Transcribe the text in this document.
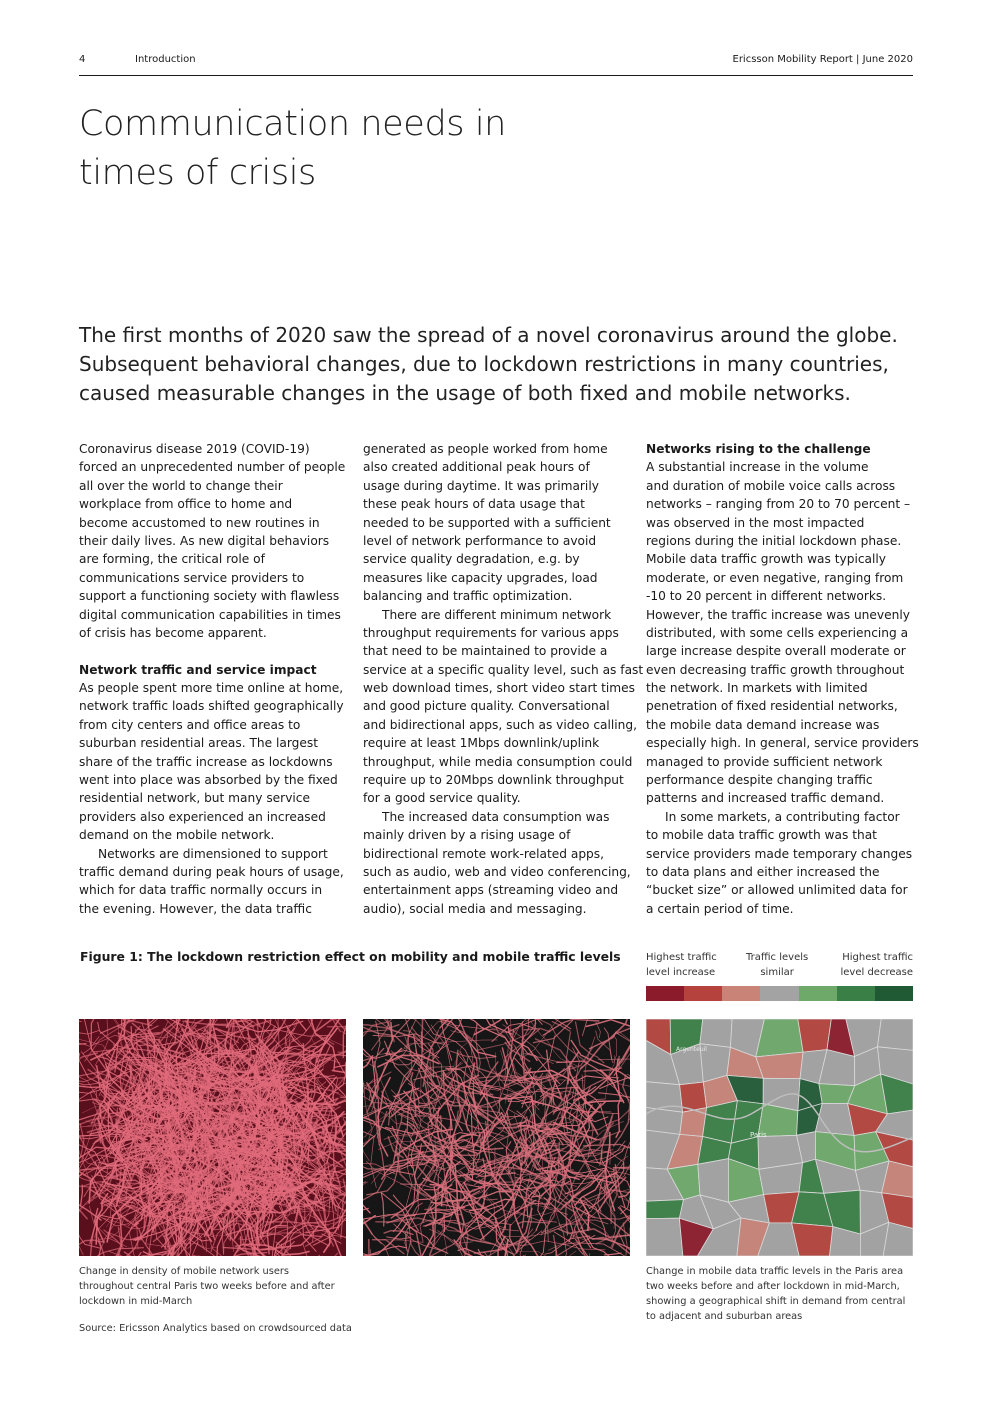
4	Introduction	Ericsson Mobility Report | June 2020
Communication needs in
times of crisis
The first months of 2020 saw the spread of a novel coronavirus around the globe.
Subsequent behavioral changes, due to lockdown restrictions in many countries,
caused measurable changes in the usage of both fixed and mobile networks.
Coronavirus disease 2019 (COVID-19)
forced an unprecedented number of people
all over the world to change their
workplace from office to home and
become accustomed to new routines in
their daily lives. As new digital behaviors
are forming, the critical role of
communications service providers to
support a functioning society with flawless
digital communication capabilities in times
of crisis has become apparent.
Network traffic and service impact
As people spent more time online at home,
network traffic loads shifted geographically
from city centers and office areas to
suburban residential areas. The largest
share of the traffic increase as lockdowns
went into place was absorbed by the fixed
residential network, but many service
providers also experienced an increased
demand on the mobile network.
Networks are dimensioned to support
traffic demand during peak hours of usage,
which for data traffic normally occurs in
the evening. However, the data traffic
generated as people worked from home
also created additional peak hours of
usage during daytime. It was primarily
these peak hours of data usage that
needed to be supported with a sufficient
level of network performance to avoid
service quality degradation, e.g. by
measures like capacity upgrades, load
balancing and traffic optimization.
There are different minimum network
throughput requirements for various apps
that need to be maintained to provide a
service at a specific quality level, such as fast
web download times, short video start times
and good picture quality. Conversational
and bidirectional apps, such as video calling,
require at least 1Mbps downlink/uplink
throughput, while media consumption could
require up to 20Mbps downlink throughput
for a good service quality.
The increased data consumption was
mainly driven by a rising usage of
bidirectional remote work-related apps,
such as audio, web and video conferencing,
entertainment apps (streaming video and
audio), social media and messaging.
Networks rising to the challenge
A substantial increase in the volume
and duration of mobile voice calls across
networks – ranging from 20 to 70 percent –
was observed in the most impacted
regions during the initial lockdown phase.
Mobile data traffic growth was typically
moderate, or even negative, ranging from
-10 to 20 percent in different networks.
However, the traffic increase was unevenly
distributed, with some cells experiencing a
large increase despite overall moderate or
even decreasing traffic growth throughout
the network. In markets with limited
penetration of fixed residential networks,
the mobile data demand increase was
especially high. In general, service providers
managed to provide sufficient network
performance despite changing traffic
patterns and increased traffic demand.
In some markets, a contributing factor
to mobile data traffic growth was that
service providers made temporary changes
to data plans and either increased the
“bucket size” or allowed unlimited data for
a certain period of time.
Figure 1: The lockdown restriction effect on mobility and mobile traffic levels	Highest traffic
level increase
Traffic levels
similar
Highest traffic
level decrease
Paris
Argenteuil
Change in density of mobile network users
throughout central Paris two weeks before and after
lockdown in mid-March
Change in mobile data traffic levels in the Paris area
two weeks before and after lockdown in mid-March,
showing a geographical shift in demand from central
to adjacent and suburban areas
Source: Ericsson Analytics based on crowdsourced data
